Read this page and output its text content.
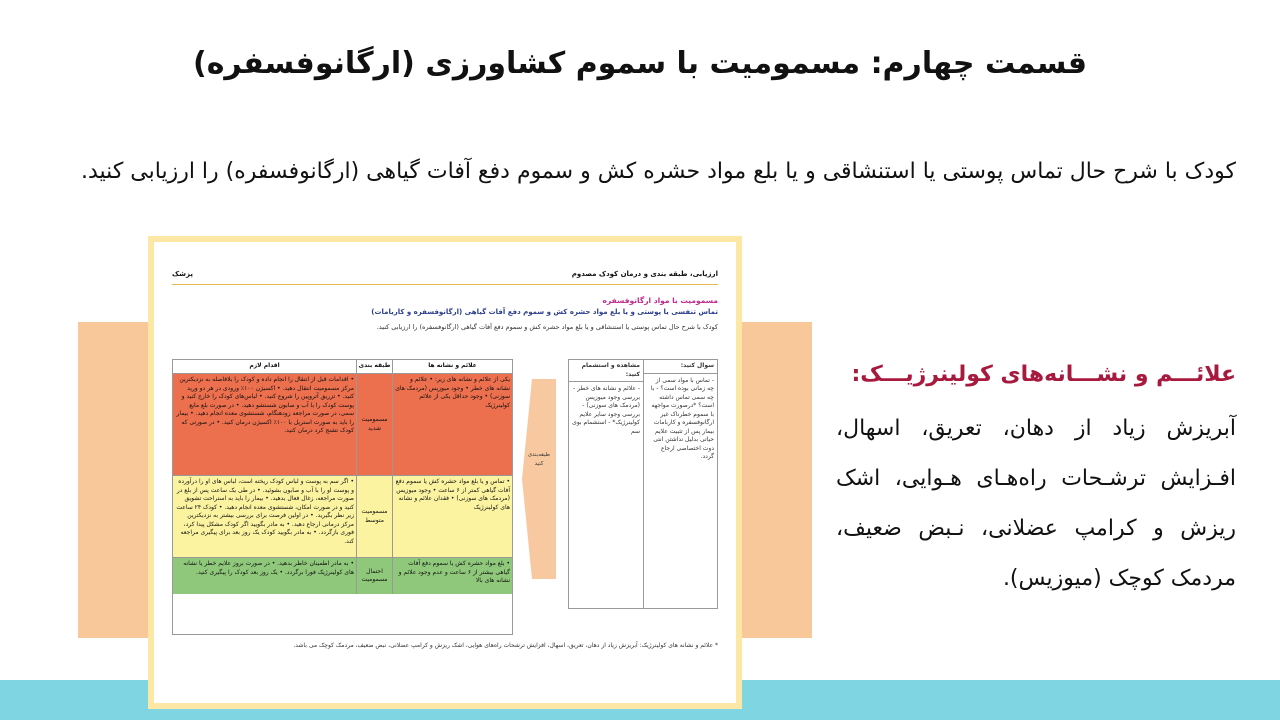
قسمت چهارم: مسمومیت با سموم کشاورزی (ارگانوفسفره)

کودک با شرح حال تماس پوستی یا استنشاقی و یا بلع مواد حشره کش و سموم دفع آفات گیاهی (ارگانوفسفره) را ارزیابی کنید.

ارزیابی، طبقه بندی و درمان کودک مصدوم
پزشک
مسمومیت با مواد ارگانوفسفره
تماس تنفسی یا پوستی و یا بلع مواد حشره کش و سموم دفع آفات گیاهی (ارگانوفسفره و کاربامات)
کودک با شرح حال تماس پوستی یا استنشاقی و یا بلع مواد حشره کش و سموم دفع آفات گیاهی (ارگانوفسفره) را ارزیابی کنید.
سوال کنید:
- تماس با مواد سمی از چه زمانی بوده است؟ - با چه سمی تماس داشته است؟ *درصورت مواجهه با سموم خطرناک غیر ارگانوفسفره و کاربامات بیمار پس از تثبیت علایم حیاتی بدلیل نداشتن انتی دوت اختصاصی ارجاع گردد.
مشاهده و استشمام کنید:
- علائم و نشانه های خطر - بررسی وجود میوزیس (مردمک های سوزنی) - بررسی وجود سایر علایم کولینرژیک* - استشمام بوی سم
طبقه‌بندی کنید
علائم و نشانه ها
طبقه بندی
اقدام لازم
یکی از علائم و نشانه های زیر: • علائم و نشانه های خطر • وجود میوزیس (مردمک های سوزنی) • وجود حداقل یکی از علائم کولینرژیک
مسمومیت شدید
• اقدامات قبل از انتقال را انجام داده و کودک را بلافاصله به نزدیکترین مرکز مسمومیت انتقال دهید. • اکسیژن ۱۰۰٪ ورودی در هر دو ورید کنید. • تزریق آتروپین را شروع کنید. • لباس‌های کودک را خارج کنید و پوست کودک را با آب و صابون شستشو دهید. • در صورت بلع مایع سمی، در صورت مراجعه زودهنگام، شستشوی معده انجام دهید. • بیمار را باید به صورت استریل با ۱۰۰٪ اکسیژن درمان کنید. • در صورتی که کودک تشنج کرد درمان کنید.
• تماس و یا بلع مواد حشره کش یا سموم دفع آفات گیاهی کمتر از ۶ ساعت • وجود میوزیس (مردمک های سوزنی) • فقدان علائم و نشانه های کولینرژیک
مسمومیت متوسط
• اگر سم به پوست و لباس کودک ریخته است، لباس های او را درآورده و پوست او را با آب و صابون بشوئید. • در طی یک ساعت پس از بلع در صورت مراجعه، زغال فعال بدهید. • بیمار را باید به استراحت تشویق کنید و در صورت امکان، شستشوی معده انجام دهید. • کودک ۲۴ ساعت زیر نظر بگیرید. • در اولین فرصت برای بررسی بیشتر به نزدیکترین مرکز درمانی ارجاع دهید. • به مادر بگویید اگر کودک مشکل پیدا کرد، فوری بازگردد. • به مادر بگویید کودک یک روز بعد برای پیگیری مراجعه کند.
• بلع مواد حشره کش یا سموم دفع آفات گیاهی بیشتر از ۶ ساعت و عدم وجود علائم و نشانه های بالا
احتمال مسمومیت
• به مادر اطمینان خاطر بدهید. • در صورت بروز علایم خطر یا نشانه های کولینرژیک فورا برگردد. • یک روز بعد کودک را پیگیری کنید.
* علائم و نشانه های کولینرژیک: آبریزش زیاد از دهان، تعریق، اسهال، افزایش ترشحات راه‌های هوایی، اشک ریزش و کرامپ عضلانی، نبض ضعیف، مردمک کوچک می باشد.

علائـــم و نشـــانه‌های کولینرژیـــک:

آبریزش زیاد از دهان، تعریق، اسهال، افـزایش ترشـحات راه‌هـای هـوایی، اشک ریزش و کرامپ عضلانی، نـبض ضعیف، مردمک کوچک (میوزیس).
